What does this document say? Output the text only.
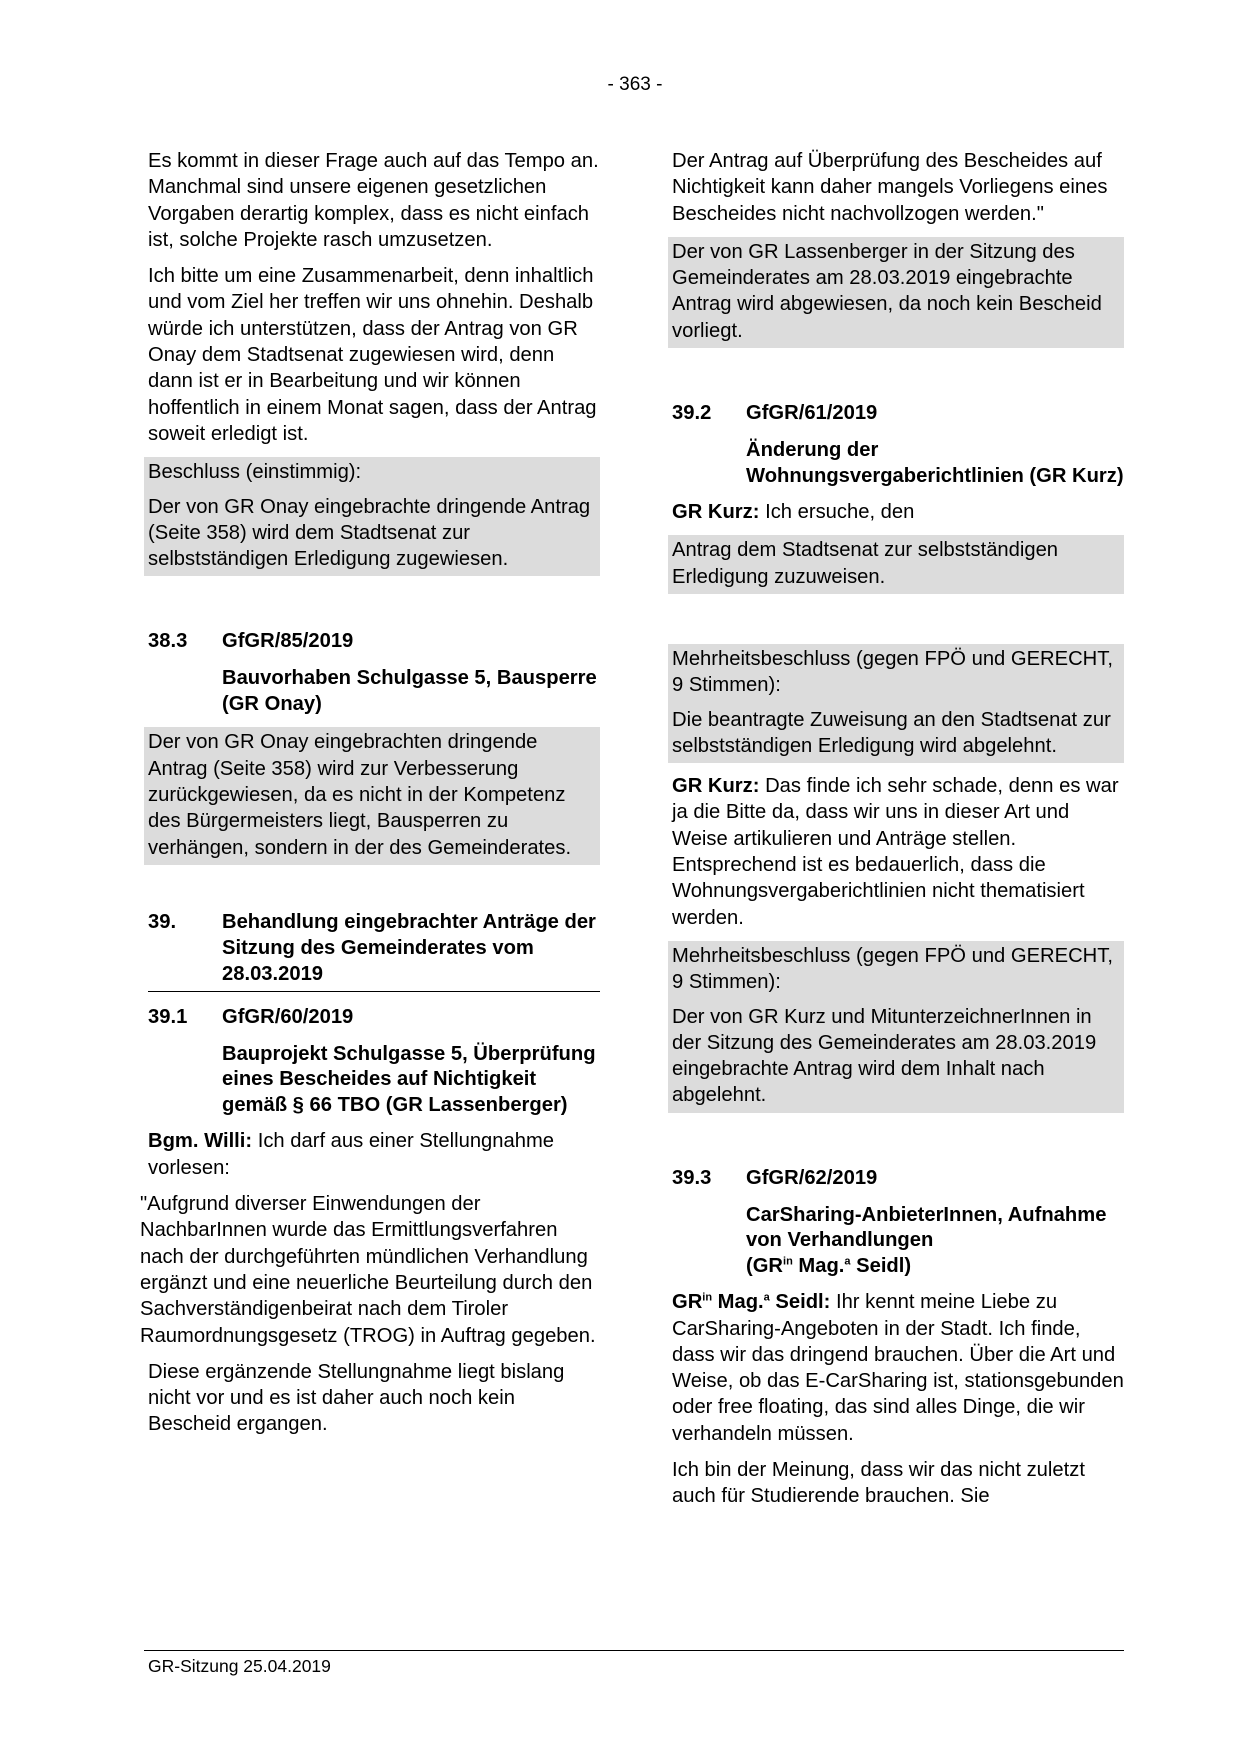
- 363 -

Es kommt in dieser Frage auch auf das Tempo an. Manchmal sind unsere eigenen gesetzlichen Vorgaben derartig komplex, dass es nicht einfach ist, solche Projekte rasch umzusetzen.

Ich bitte um eine Zusammenarbeit, denn inhaltlich und vom Ziel her treffen wir uns ohnehin. Deshalb würde ich unterstützen, dass der Antrag von GR Onay dem Stadtsenat zugewiesen wird, denn dann ist er in Bearbeitung und wir können hoffentlich in einem Monat sagen, dass der Antrag soweit erledigt ist.

Beschluss (einstimmig):

Der von GR Onay eingebrachte dringende Antrag (Seite 358) wird dem Stadtsenat zur selbstständigen Erledigung zugewiesen.

38.3	GfGR/85/2019
Bauvorhaben Schulgasse 5, Bausperre (GR Onay)

Der von GR Onay eingebrachten dringende Antrag (Seite 358) wird zur Verbesserung zurückgewiesen, da es nicht in der Kompetenz des Bürgermeisters liegt, Bausperren zu verhängen, sondern in der des Gemeinderates.

39.	Behandlung eingebrachter Anträge der Sitzung des Gemeinderates vom 28.03.2019
39.1	GfGR/60/2019
Bauprojekt Schulgasse 5, Überprüfung eines Bescheides auf Nichtigkeit gemäß § 66 TBO (GR Lassenberger)

Bgm. Willi: Ich darf aus einer Stellungnahme vorlesen:

"Aufgrund diverser Einwendungen der NachbarInnen wurde das Ermittlungsverfahren nach der durchgeführten mündlichen Verhandlung ergänzt und eine neuerliche Beurteilung durch den Sachverständigenbeirat nach dem Tiroler Raumordnungsgesetz (TROG) in Auftrag gegeben.

Diese ergänzende Stellungnahme liegt bislang nicht vor und es ist daher auch noch kein Bescheid ergangen.

Der Antrag auf Überprüfung des Bescheides auf Nichtigkeit kann daher mangels Vorliegens eines Bescheides nicht nachvollzogen werden."

Der von GR Lassenberger in der Sitzung des Gemeinderates am 28.03.2019 eingebrachte Antrag wird abgewiesen, da noch kein Bescheid vorliegt.

39.2	GfGR/61/2019
Änderung der Wohnungsvergaberichtlinien (GR Kurz)

GR Kurz: Ich ersuche, den

Antrag dem Stadtsenat zur selbstständigen Erledigung zuzuweisen.

Mehrheitsbeschluss (gegen FPÖ und GERECHT, 9 Stimmen):

Die beantragte Zuweisung an den Stadtsenat zur selbstständigen Erledigung wird abgelehnt.

GR Kurz: Das finde ich sehr schade, denn es war ja die Bitte da, dass wir uns in dieser Art und Weise artikulieren und Anträge stellen. Entsprechend ist es bedauerlich, dass die Wohnungsvergaberichtlinien nicht thematisiert werden.

Mehrheitsbeschluss (gegen FPÖ und GERECHT, 9 Stimmen):

Der von GR Kurz und MitunterzeichnerInnen in der Sitzung des Gemeinderates am 28.03.2019 eingebrachte Antrag wird dem Inhalt nach abgelehnt.

39.3	GfGR/62/2019
CarSharing-AnbieterInnen, Aufnahme von Verhandlungen
($GR^{in}$ Mag.$^a$ Seidl)

$GR^{in}$ Mag.$^a$ Seidl: Ihr kennt meine Liebe zu CarSharing-Angeboten in der Stadt. Ich finde, dass wir das dringend brauchen. Über die Art und Weise, ob das E-CarSharing ist, stationsgebunden oder free floating, das sind alles Dinge, die wir verhandeln müssen.

Ich bin der Meinung, dass wir das nicht zuletzt auch für Studierende brauchen. Sie

GR-Sitzung 25.04.2019
